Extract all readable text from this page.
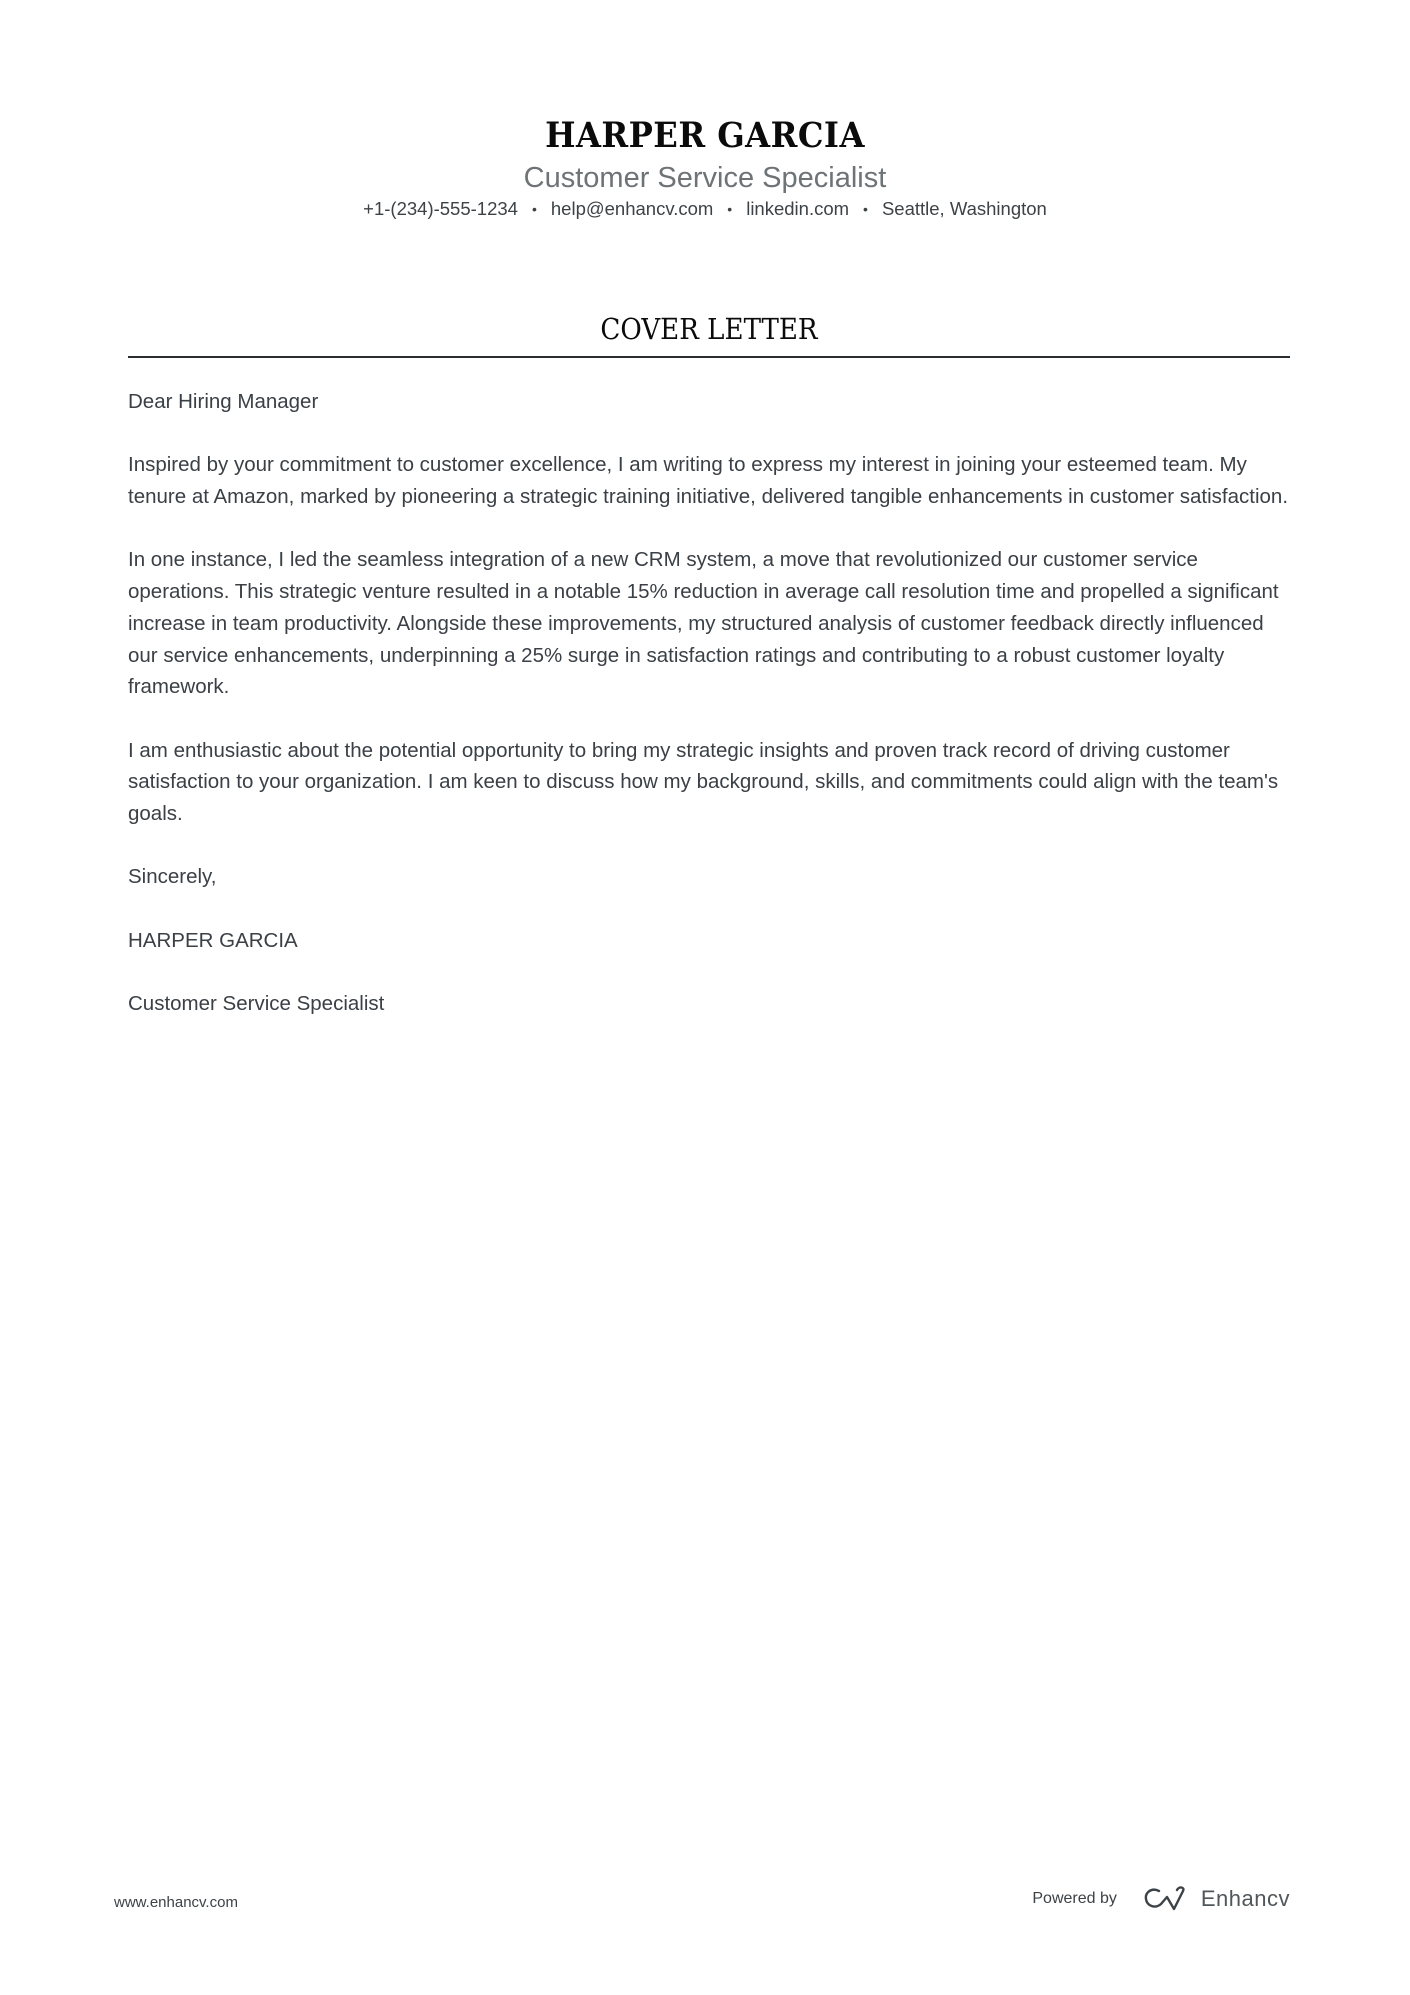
HARPER GARCIA
Customer Service Specialist
+1-(234)-555-1234 • help@enhancv.com • linkedin.com • Seattle, Washington
COVER LETTER

Dear Hiring Manager

Inspired by your commitment to customer excellence, I am writing to express my interest in joining your esteemed team. My tenure at Amazon, marked by pioneering a strategic training initiative, delivered tangible enhancements in customer satisfaction.

In one instance, I led the seamless integration of a new CRM system, a move that revolutionized our customer service operations. This strategic venture resulted in a notable 15% reduction in average call resolution time and propelled a significant increase in team productivity. Alongside these improvements, my structured analysis of customer feedback directly influenced our service enhancements, underpinning a 25% surge in satisfaction ratings and contributing to a robust customer loyalty framework.

I am enthusiastic about the potential opportunity to bring my strategic insights and proven track record of driving customer satisfaction to your organization. I am keen to discuss how my background, skills, and commitments could align with the team's goals.

Sincerely,

HARPER GARCIA

Customer Service Specialist

www.enhancv.com	Powered by	Enhancv
